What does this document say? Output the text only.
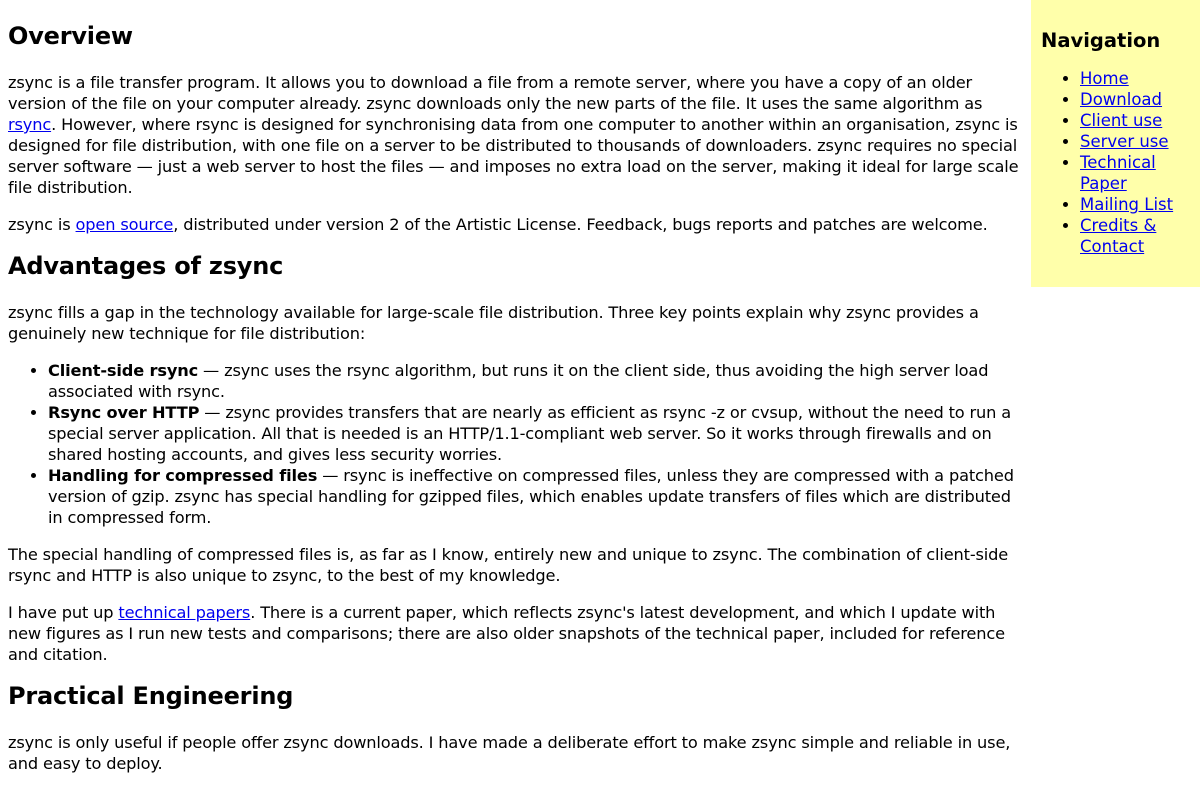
Overview

zsync is a file transfer program. It allows you to download a file from a remote server, where you have a copy of an older version of the file on your computer already. zsync downloads only the new parts of the file. It uses the same algorithm as rsync. However, where rsync is designed for synchronising data from one computer to another within an organisation, zsync is designed for file distribution, with one file on a server to be distributed to thousands of downloaders. zsync requires no special server software — just a web server to host the files — and imposes no extra load on the server, making it ideal for large scale file distribution.

zsync is open source, distributed under version 2 of the Artistic License. Feedback, bugs reports and patches are welcome.

Advantages of zsync

zsync fills a gap in the technology available for large-scale file distribution. Three key points explain why zsync provides a genuinely new technique for file distribution:

• Client-side rsync — zsync uses the rsync algorithm, but runs it on the client side, thus avoiding the high server load associated with rsync.
• Rsync over HTTP — zsync provides transfers that are nearly as efficient as rsync -z or cvsup, without the need to run a special server application. All that is needed is an HTTP/1.1-compliant web server. So it works through firewalls and on shared hosting accounts, and gives less security worries.
• Handling for compressed files — rsync is ineffective on compressed files, unless they are compressed with a patched version of gzip. zsync has special handling for gzipped files, which enables update transfers of files which are distributed in compressed form.

The special handling of compressed files is, as far as I know, entirely new and unique to zsync. The combination of client-side rsync and HTTP is also unique to zsync, to the best of my knowledge.

I have put up technical papers. There is a current paper, which reflects zsync's latest development, and which I update with new figures as I run new tests and comparisons; there are also older snapshots of the technical paper, included for reference and citation.

Practical Engineering

zsync is only useful if people offer zsync downloads. I have made a deliberate effort to make zsync simple and reliable in use, and easy to deploy.

Navigation
• Home
• Download
• Client use
• Server use
• Technical Paper
• Mailing List
• Credits & Contact
